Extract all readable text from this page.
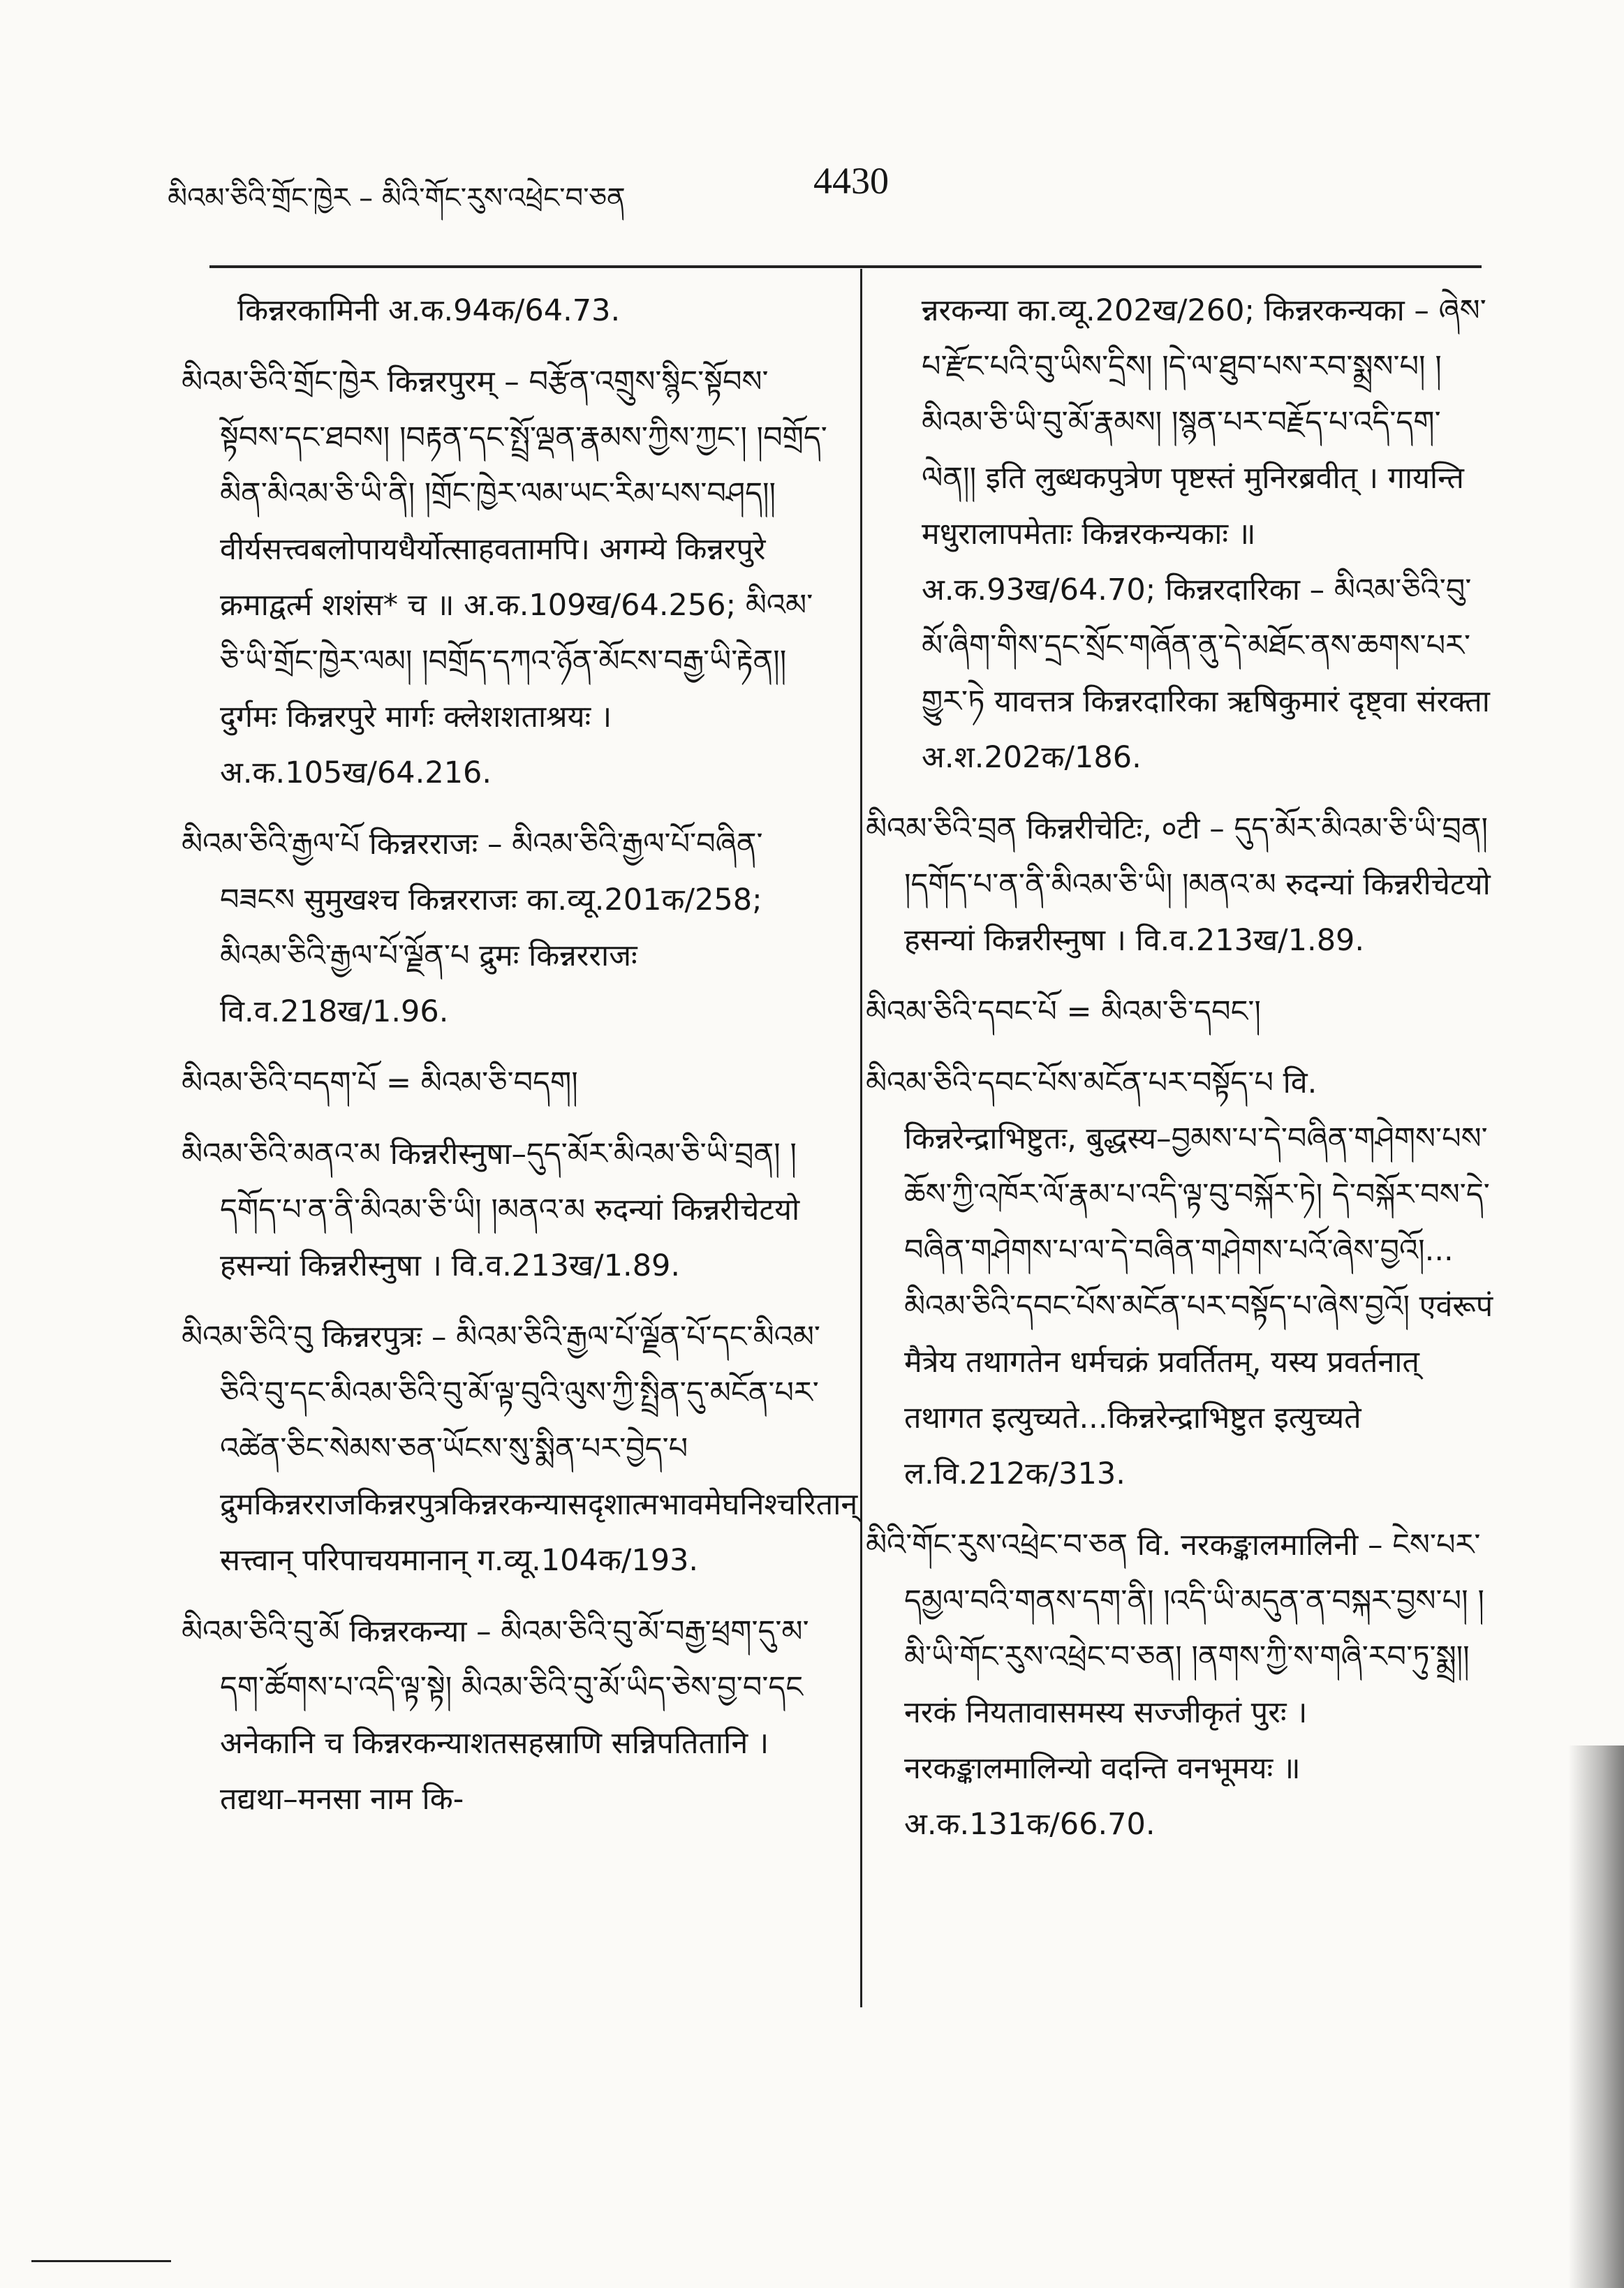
མིའམ་ཅིའི་གྲོང་ཁྱེར – མིའི་གོང་རུས་འཕྲེང་བ་ཅན	4430

किन्नरकामिनी अ.क.94क/64.73.

མིའམ་ཅིའི་གྲོང་ཁྱེར किन्नरपुरम् – བརྩོན་འགྲུས་སྙིང་སྟོབས་སྟོབས་དང་ཐབས། །བརྟན་དང་སྤྲོ་ལྡན་རྣམས་ཀྱིས་ཀྱང་། །བགྲོད་མིན་མིའམ་ཅི་ཡི་ནི། །གྲོང་ཁྱེར་ལམ་ཡང་རིམ་པས་བཤད།། वीर्यसत्त्वबलोपायधैर्योत्साहवतामपि। अगम्ये किन्नरपुरे क्रमाद्वर्त्म शशंस* च ॥ अ.क.109ख/64.256; མིའམ་ཅི་ཡི་གྲོང་ཁྱེར་ལམ། །བགྲོད་དཀའ་ཉོན་མོངས་བརྒྱ་ཡི་རྟེན།། दुर्गमः किन्नरपुरे मार्गः क्लेशशताश्रयः । अ.क.105ख/64.216.

མིའམ་ཅིའི་རྒྱལ་པོ किन्नरराजः – མིའམ་ཅིའི་རྒྱལ་པོ་བཞིན་བཟངས सुमुखश्च किन्नरराजः का.व्यू.201क/258; མིའམ་ཅིའི་རྒྱལ་པོ་ལྗོན་པ द्रुमः किन्नरराजः वि.व.218ख/1.96.

མིའམ་ཅིའི་བདག་པོ = མིའམ་ཅི་བདག།

མིའམ་ཅིའི་མནའ་མ किन्नरीस्नुषा–དུད་མོར་མིའམ་ཅི་ཡི་བྲན། །དགོད་པ་ན་ནི་མིའམ་ཅི་ཡི། །མནའ་མ रुदन्यां किन्नरीचेटयो हसन्यां किन्नरीस्नुषा । वि.व.213ख/1.89.

མིའམ་ཅིའི་བུ किन्नरपुत्रः – མིའམ་ཅིའི་རྒྱལ་པོ་ལྗོན་པོ་དང་མིའམ་ཅིའི་བུ་དང་མིའམ་ཅིའི་བུ་མོ་ལྟ་བུའི་ལུས་ཀྱི་སྤྲིན་དུ་མངོན་པར་འཚེན་ཅིང་སེམས་ཅན་ཡོངས་སུ་སྨིན་པར་བྱེད་པ द्रुमकिन्नरराजकिन्नरपुत्रकिन्नरकन्यासदृशात्मभावमेघनिश्चरितान् सत्त्वान् परिपाचयमानान् ग.व्यू.104क/193.

མིའམ་ཅིའི་བུ་མོ किन्नरकन्या – མིའམ་ཅིའི་བུ་མོ་བརྒྱ་ཕྲག་དུ་མ་དག་ཚོགས་པ་འདི་ལྟ་སྟེ། མིའམ་ཅིའི་བུ་མོ་ཡིད་ཅེས་བྱ་བ་དང अनेकानि च किन्नरकन्याशतसहस्राणि सन्निपतितानि । तद्यथा–मनसा नाम कि-

न्नरकन्या का.व्यू.202ख/260; किन्नरकन्यका – ཞེས་པ་རྫོང་པའི་བུ་ཡིས་དྲིས། །དེ་ལ་ཐུབ་པས་རབ་སྨྲས་པ། །མིའམ་ཅི་ཡི་བུ་མོ་རྣམས། །སྙན་པར་བརྗོད་པ་འདི་དག་ལེན།། इति लुब्धकपुत्रेण पृष्टस्तं मुनिरब्रवीत् । गायन्ति मधुरालापमेताः किन्नरकन्यकाः ॥ अ.क.93ख/64.70; किन्नरदारिका – མིའམ་ཅིའི་བུ་མོ་ཞིག་གིས་དྲང་སྲོང་གཞོན་ནུ་དེ་མཐོང་ནས་ཆགས་པར་གྱུར་ཏེ यावत्तत्र किन्नरदारिका ऋषिकुमारं दृष्ट्वा संरक्ता अ.श.202क/186.

མིའམ་ཅིའི་བྲན किन्नरीचेटिः, ०टी – དུད་མོར་མིའམ་ཅི་ཡི་བྲན། །དགོད་པ་ན་ནི་མིའམ་ཅི་ཡི། །མནའ་མ रुदन्यां किन्नरीचेटयो हसन्यां किन्नरीस्नुषा । वि.व.213ख/1.89.

མིའམ་ཅིའི་དབང་པོ = མིའམ་ཅི་དབང་།

མིའམ་ཅིའི་དབང་པོས་མངོན་པར་བསྟོད་པ वि. किन्नरेन्द्राभिष्टुतः, बुद्धस्य–བྱམས་པ་དེ་བཞིན་གཤེགས་པས་ཆོས་ཀྱི་འཁོར་ལོ་རྣམ་པ་འདི་ལྟ་བུ་བསྐོར་ཏེ། དེ་བསྐོར་བས་དེ་བཞིན་གཤེགས་པ་ལ་དེ་བཞིན་གཤེགས་པའོ་ཞེས་བྱའོ།... མིའམ་ཅིའི་དབང་པོས་མངོན་པར་བསྟོད་པ་ཞེས་བྱའོ། एवंरूपं मैत्रेय तथागतेन धर्मचक्रं प्रवर्तितम्, यस्य प्रवर्तनात् तथागत इत्युच्यते...किन्नरेन्द्राभिष्टुत इत्युच्यते ल.वि.212क/313.

མིའི་གོང་རུས་འཕྲེང་བ་ཅན वि. नरकङ्कालमालिनी – ངེས་པར་དམྱལ་བའི་གནས་དག་ནི། །འདི་ཡི་མདུན་ན་བསྐར་བྱས་པ། །མི་ཡི་གོང་རུས་འཕྲེང་བ་ཅན། །ནགས་ཀྱི་ས་གཞི་རབ་ཏུ་སྨྲ།། नरकं नियतावासमस्य सज्जीकृतं पुरः । नरकङ्कालमालिन्यो वदन्ति वनभूमयः ॥ अ.क.131क/66.70.
